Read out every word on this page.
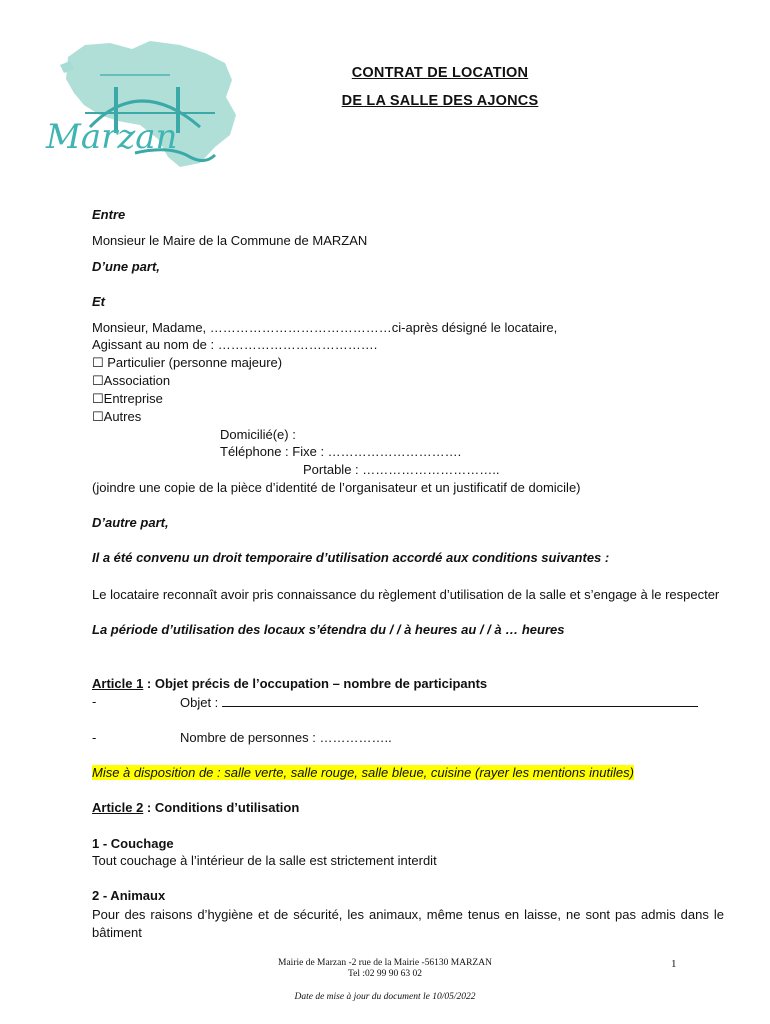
Marzan
CONTRAT DE LOCATION
DE LA SALLE DES AJONCS
Entre
Monsieur le Maire de la Commune de MARZAN
D’une part,
Et
Monsieur, Madame, ……………………………………ci-après désigné le locataire,
Agissant au nom de : ……………………………….
☐ Particulier (personne majeure)
☐Association
☐Entreprise
☐Autres
Domicilié(e) :
Téléphone : Fixe : ………………………….
Portable : …………………………..
(joindre une copie de la pièce d’identité de l’organisateur et un justificatif de domicile)
D’autre part,
Il a été convenu un droit temporaire d’utilisation accordé aux conditions suivantes :
Le locataire reconnaît avoir pris connaissance du règlement d’utilisation de la salle et s’engage à le respecter
La période d’utilisation des locaux s’étendra du / / à heures au / / à … heures
Article 1 : Objet précis de l’occupation – nombre de participants
-	Objet :
-	Nombre de personnes : ……………..
Mise à disposition de : salle verte, salle rouge, salle bleue, cuisine (rayer les mentions inutiles)
Article 2 : Conditions d’utilisation
1 - Couchage
Tout couchage à l’intérieur de la salle est strictement interdit
2 - Animaux
Pour des raisons d’hygiène et de sécurité, les animaux, même tenus en laisse, ne sont pas admis dans le bâtiment
Mairie de Marzan -2 rue de la Mairie -56130 MARZAN
Tel :02 99 90 63 02
1
Date de mise à jour du document le 10/05/2022
